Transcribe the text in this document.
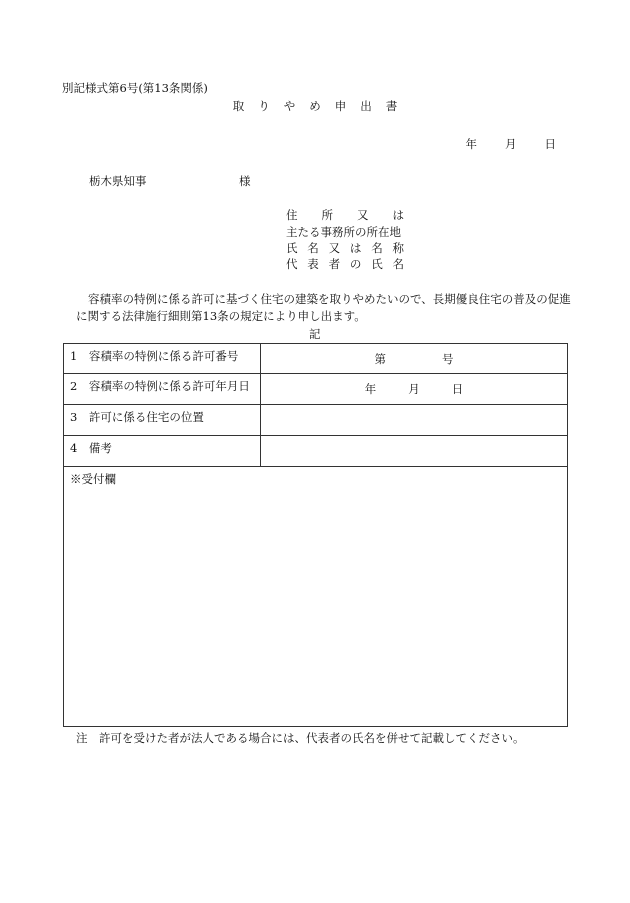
別記様式第6号(第13条関係)
取 り や め 申 出 書
年 月 日
栃木県知事	様
住 所 又 は
主たる事務所の所在地
氏 名 又 は 名 称
代 表 者 の 氏 名
容積率の特例に係る許可に基づく住宅の建築を取りやめたいので、長期優良住宅の普及の促進に関する法律施行細則第13条の規定により申し出ます。
記
1　容積率の特例に係る許可番号	第 号
2　容積率の特例に係る許可年月日	年 月 日
3　許可に係る住宅の位置	
4　備考	
※受付欄	
注　許可を受けた者が法人である場合には、代表者の氏名を併せて記載してください。
